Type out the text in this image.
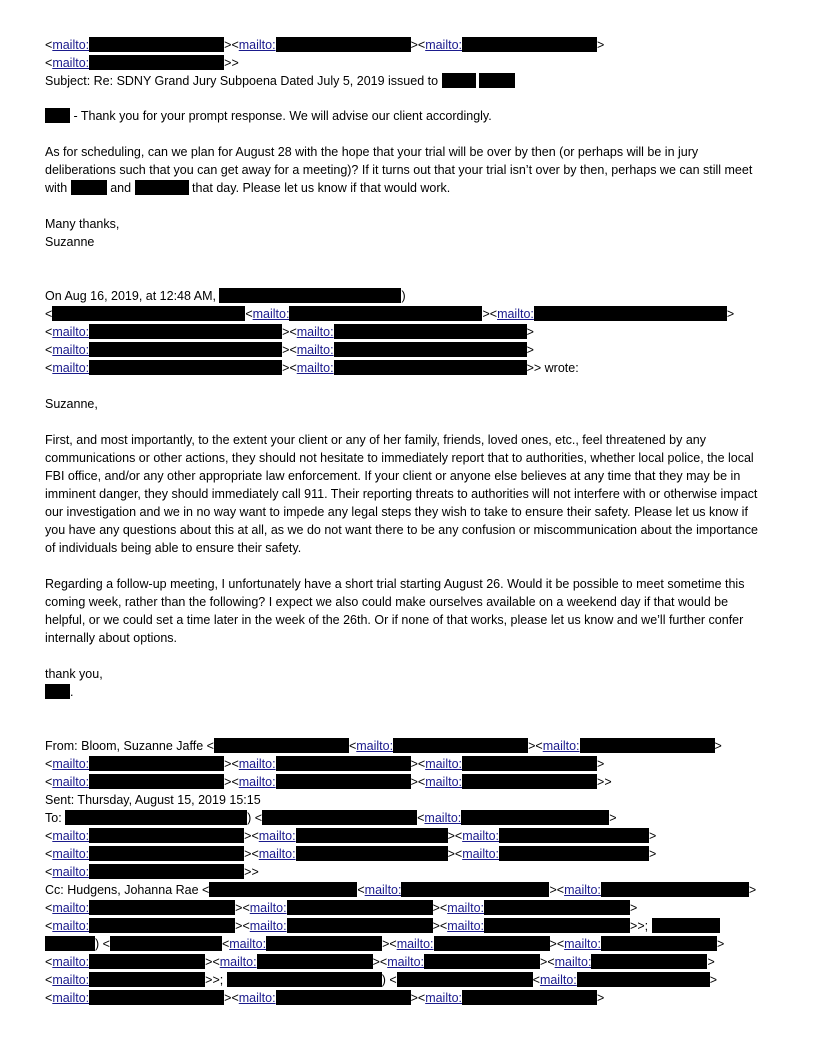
<mailto:	><mailto:	><mailto:	>
<mailto:	>>
Subject: Re: SDNY Grand Jury Subpoena Dated July 5, 2019 issued to
- Thank you for your prompt response. We will advise our client accordingly.
As for scheduling, can we plan for August 28 with the hope that your trial will be over by then (or perhaps will be in jury deliberations such that you can get away for a meeting)? If it turns out that your trial isn’t over by then, perhaps we can still meet with	and	that day. Please let us know if that would work.
Many thanks,
Suzanne
On Aug 16, 2019, at 12:48 AM,	)
<	<mailto:	><mailto:	>
<mailto:	><mailto:	>
<mailto:	><mailto:	>
<mailto:	><mailto:	>> wrote:
Suzanne,
First, and most importantly, to the extent your client or any of her family, friends, loved ones, etc., feel threatened by any communications or other actions, they should not hesitate to immediately report that to authorities, whether local police, the local FBI office, and/or any other appropriate law enforcement. If your client or anyone else believes at any time that they may be in imminent danger, they should immediately call 911. Their reporting threats to authorities will not interfere with or otherwise impact our investigation and we in no way want to impede any legal steps they wish to take to ensure their safety. Please let us know if you have any questions about this at all, as we do not want there to be any confusion or miscommunication about the importance of individuals being able to ensure their safety.
Regarding a follow-up meeting, I unfortunately have a short trial starting August 26. Would it be possible to meet sometime this coming week, rather than the following? I expect we also could make ourselves available on a weekend day if that would be helpful, or we could set a time later in the week of the 26th. Or if none of that works, please let us know and we’ll further confer internally about options.
thank you,
.
From: Bloom, Suzanne Jaffe <	<mailto:	><mailto:	>
<mailto:	><mailto:	><mailto:	>
<mailto:	><mailto:	><mailto:	>>
Sent: Thursday, August 15, 2019 15:15
To:	) <	<mailto:	>
<mailto:	><mailto:	><mailto:	>
<mailto:	><mailto:	><mailto:	>
<mailto:	>>
Cc: Hudgens, Johanna Rae <	<mailto:	><mailto:	>
<mailto:	><mailto:	><mailto:	>
<mailto:	><mailto:	><mailto:	>>;
) <	<mailto:	><mailto:	><mailto:	>
<mailto:	><mailto:	><mailto:	><mailto:	>
<mailto:	>>;	) <	<mailto:	>
<mailto:	><mailto:	><mailto:	>
